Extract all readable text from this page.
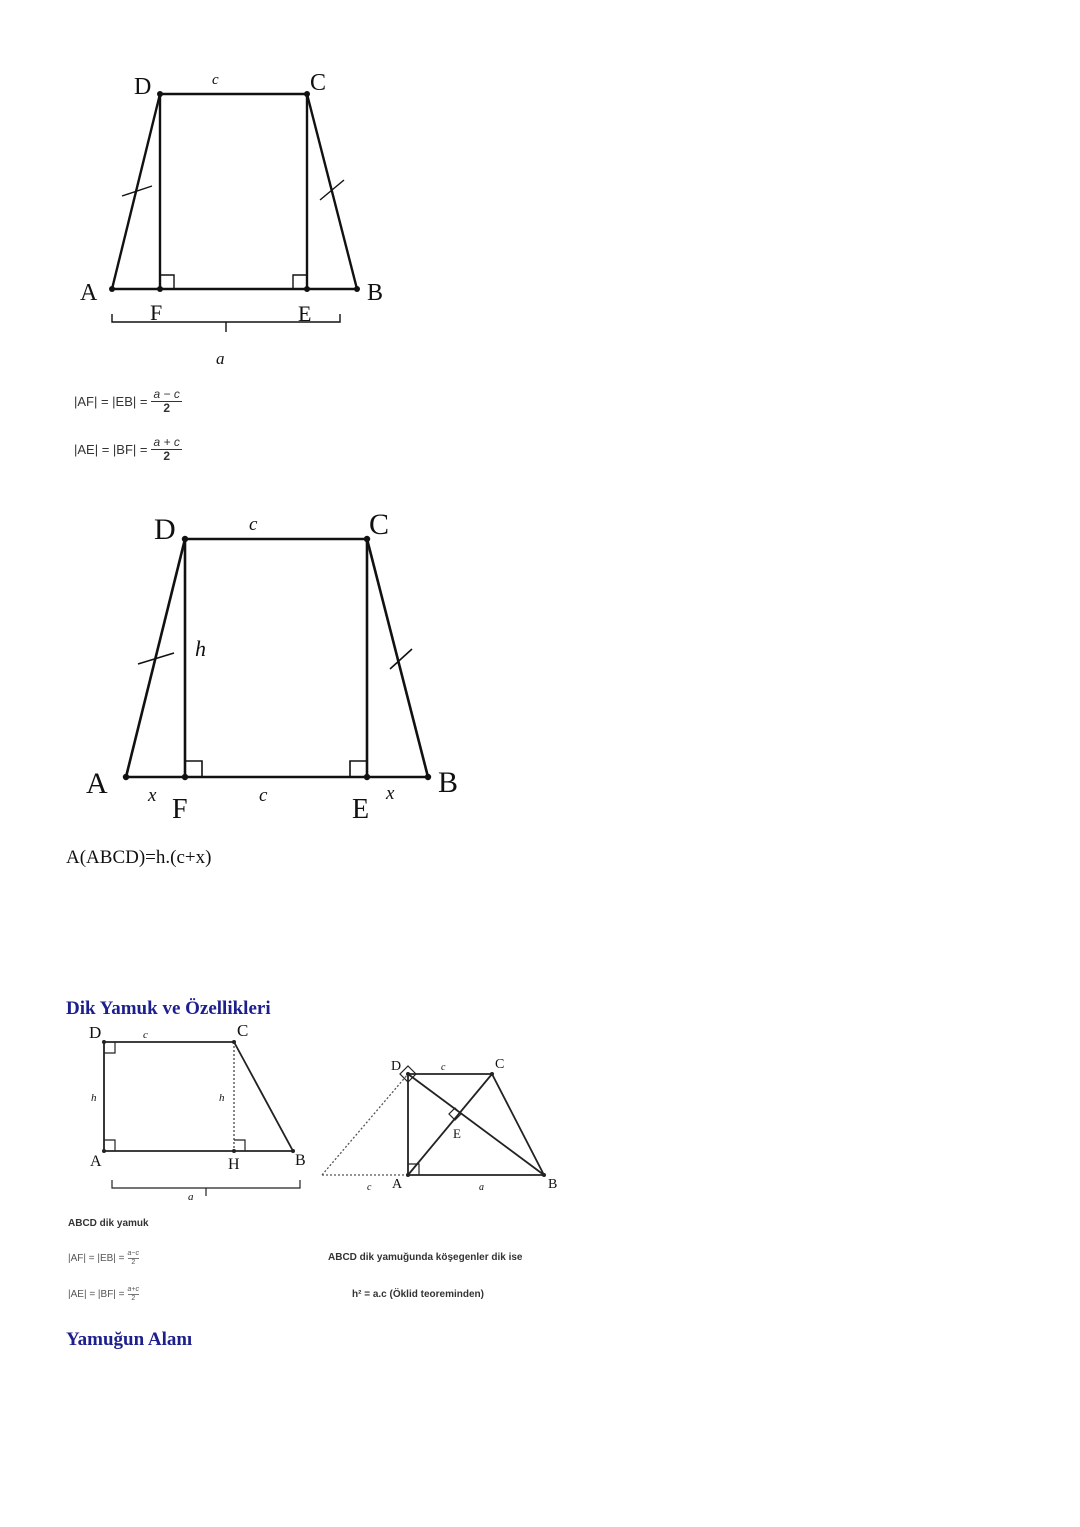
A	B
C
D
E
F
c
a
$|AF| = |EB| = \frac{a - c}{2}$
$|AE| = |BF| = \frac{a + c}{2}$
A	B
C
D
E
F
c
h
x	c	x
A(ABCD)=h.(c+x)
Dik Yamuk ve Özellikleri
D	C
A	B
H
c
h	h
a
ABCD dik yamuk
$|AF| = |EB| = \frac{a-c}{2}$
$|AE| = |BF| = \frac{a+c}{2}$
D	C
A	B
E
c
c	a
ABCD dik yamuğunda köşegenler dik ise
h² = a.c (Öklid teoreminden)
Yamuğun Alanı
